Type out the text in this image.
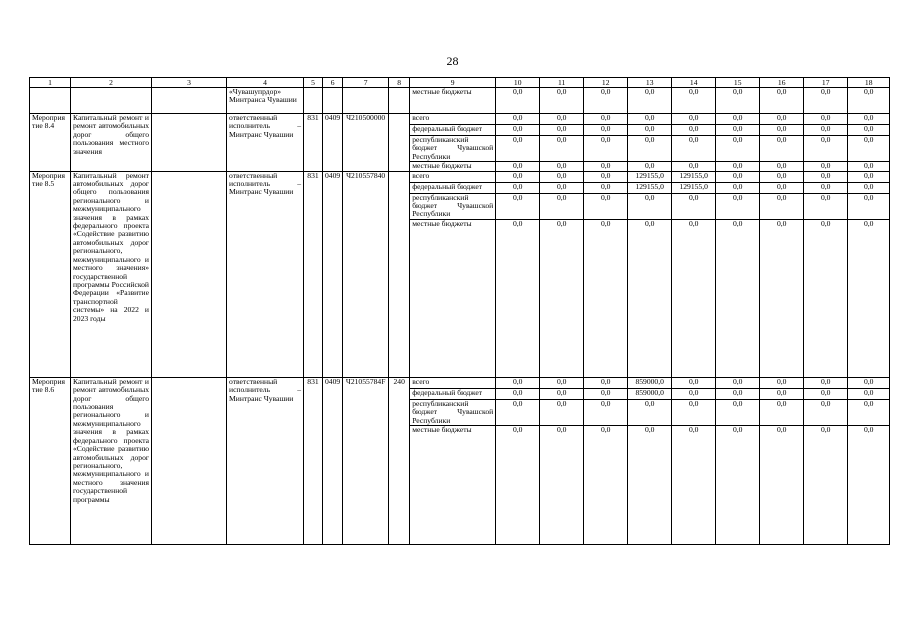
28
1	2	3	4	5	6	7	8	9	10	11	12	13	14	15	16	17	18
			«Чувашупрдор» Минтранса Чувашии					местные бюджеты	0,0	0,0	0,0	0,0	0,0	0,0	0,0	0,0	0,0
Мероприятие 8.4	Капитальный ремонт и ремонт автомобильных дорог общего пользования местного значения		ответственный исполнитель – Минтранс Чувашии	831	0409	Ч210500000		всего	0,0	0,0	0,0	0,0	0,0	0,0	0,0	0,0	0,0
								федеральный бюджет	0,0	0,0	0,0	0,0	0,0	0,0	0,0	0,0	0,0
								республиканский бюджет Чувашской Республики	0,0	0,0	0,0	0,0	0,0	0,0	0,0	0,0	0,0
								местные бюджеты	0,0	0,0	0,0	0,0	0,0	0,0	0,0	0,0	0,0
Мероприятие 8.5	Капитальный ремонт автомобильных дорог общего пользования регионального и межмуниципального значения в рамках федерального проекта «Содействие развитию автомобильных дорог регионального, межмуниципального и местного значения» государственной программы Российской Федерации «Развитие транспортной системы» на 2022 и 2023 годы		ответственный исполнитель – Минтранс Чувашии	831	0409	Ч210557840		всего	0,0	0,0	0,0	129155,0	129155,0	0,0	0,0	0,0	0,0
								федеральный бюджет	0,0	0,0	0,0	129155,0	129155,0	0,0	0,0	0,0	0,0
								республиканский бюджет Чувашской Республики	0,0	0,0	0,0	0,0	0,0	0,0	0,0	0,0	0,0
								местные бюджеты	0,0	0,0	0,0	0,0	0,0	0,0	0,0	0,0	0,0
Мероприятие 8.6	Капитальный ремонт и ремонт автомобильных дорог общего пользования регионального и межмуниципального значения в рамках федерального проекта «Содействие развитию автомобильных дорог регионального, межмуниципального и местного значения государственной программы		ответственный исполнитель – Минтранс Чувашии	831	0409	Ч21055784F	240	всего	0,0	0,0	0,0	859000,0	0,0	0,0	0,0	0,0	0,0
								федеральный бюджет	0,0	0,0	0,0	859000,0	0,0	0,0	0,0	0,0	0,0
								республиканский бюджет Чувашской Республики	0,0	0,0	0,0	0,0	0,0	0,0	0,0	0,0	0,0
								местные бюджеты	0,0	0,0	0,0	0,0	0,0	0,0	0,0	0,0	0,0
